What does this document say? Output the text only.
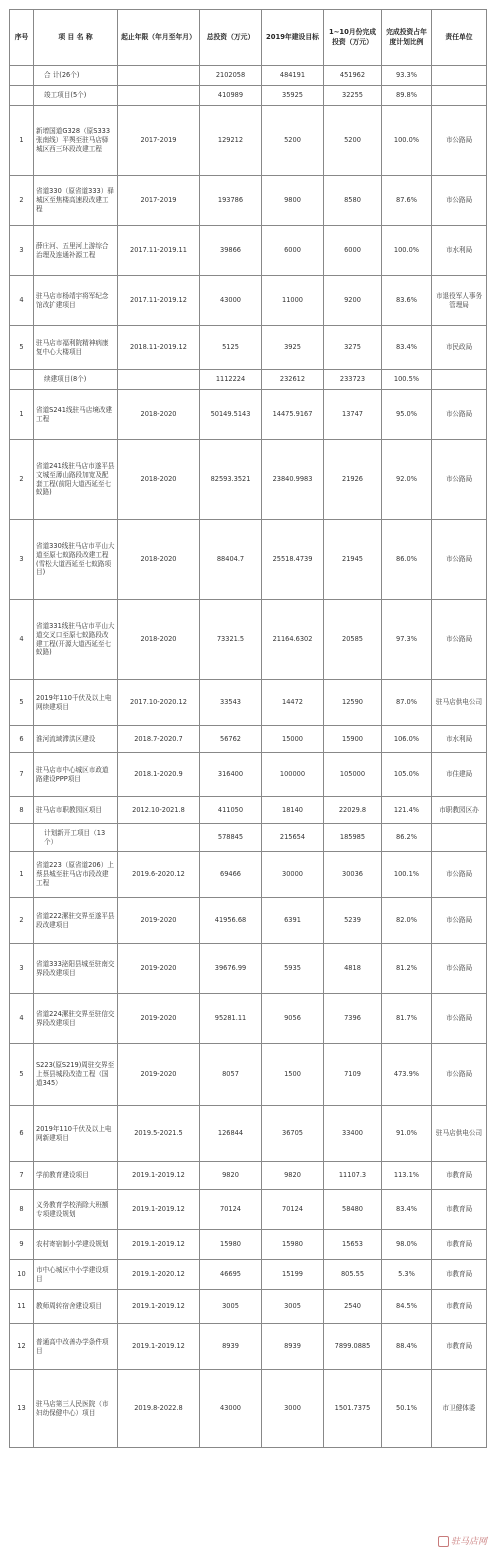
序号	项 目 名 称	起止年限（年月至年月）	总投资（万元）	2019年建设目标	1~10月份完成投资（万元）	完成投资占年度计划比例	责任单位
	合 计(26个)		2102058	484191	451962	93.3%	
	竣工项目(5个)		410989	35925	32255	89.8%	
1	新增国道G328（原S333张南线）平舆至驻马店驿城区西三环段改建工程	2017-2019	129212	5200	5200	100.0%	市公路局
2	省道330（原省道333）驿城区至焦楼高速段改建工程	2017-2019	193786	9800	8580	87.6%	市公路局
3	薛庄河、五里河上游综合治理及连通补源工程	2017.11-2019.11	39866	6000	6000	100.0%	市水利局
4	驻马店市杨靖宇将军纪念馆改扩建项目	2017.11-2019.12	43000	11000	9200	83.6%	市退役军人事务管理局
5	驻马店市福利院精神病康复中心大楼项目	2018.11-2019.12	5125	3925	3275	83.4%	市民政局
	续建项目(8个)		1112224	232612	233723	100.5%	
1	省道S241线驻马店境改建工程	2018-2020	50149.5143	14475.9167	13747	95.0%	市公路局
2	省道241线驻马店市遂平县文城至薄山路段加宽及配套工程(前阳大道西延至七蚁路)	2018-2020	82593.3521	23840.9983	21926	92.0%	市公路局
3	省道330线驻马店市平山大道至原七蚁路段改建工程(雪松大道西延至七蚁路项目)	2018-2020	88404.7	25518.4739	21945	86.0%	市公路局
4	省道331线驻马店市平山大道交叉口至原七蚁路段改建工程(开源大道西延至七蚁路)	2018-2020	73321.5	21164.6302	20585	97.3%	市公路局
5	2019年110千伏及以上电网续建项目	2017.10-2020.12	33543	14472	12590	87.0%	驻马店供电公司
6	淮河流域滞洪区建设	2018.7-2020.7	56762	15000	15900	106.0%	市水利局
7	驻马店市中心城区市政道路建设PPP项目	2018.1-2020.9	316400	100000	105000	105.0%	市住建局
8	驻马店市职教园区项目	2012.10-2021.8	411050	18140	22029.8	121.4%	市职教园区办
	计划新开工项目（13个）		578845	215654	185985	86.2%	
1	省道223（原省道206）上蔡县城至驻马店市段改建工程	2019.6-2020.12	69466	30000	30036	100.1%	市公路局
2	省道222漯驻交界至遂平县段改建项目	2019-2020	41956.68	6391	5239	82.0%	市公路局
3	省道333泌阳县城至驻南交界段改建项目	2019-2020	39676.99	5935	4818	81.2%	市公路局
4	省道224漯驻交界至驻信交界段改建项目	2019-2020	95281.11	9056	7396	81.7%	市公路局
5	S223(原S219)周驻交界至上蔡县城段改造工程（国道345）	2019-2020	8057	1500	7109	473.9%	市公路局
6	2019年110千伏及以上电网新建项目	2019.5-2021.5	126844	36705	33400	91.0%	驻马店供电公司
7	学前教育建设项目	2019.1-2019.12	9820	9820	11107.3	113.1%	市教育局
8	义务教育学校消除大班额专项建设规划	2019.1-2019.12	70124	70124	58480	83.4%	市教育局
9	农村寄宿制小学建设规划	2019.1-2019.12	15980	15980	15653	98.0%	市教育局
10	市中心城区中小学建设项目	2019.1-2020.12	46695	15199	805.55	5.3%	市教育局
11	教师周转宿舍建设项目	2019.1-2019.12	3005	3005	2540	84.5%	市教育局
12	普通高中改善办学条件项目	2019.1-2019.12	8939	8939	7899.0885	88.4%	市教育局
13	驻马店第三人民医院（市妇幼保健中心）项目	2019.8-2022.8	43000	3000	1501.7375	50.1%	市卫健体委
驻马店网
